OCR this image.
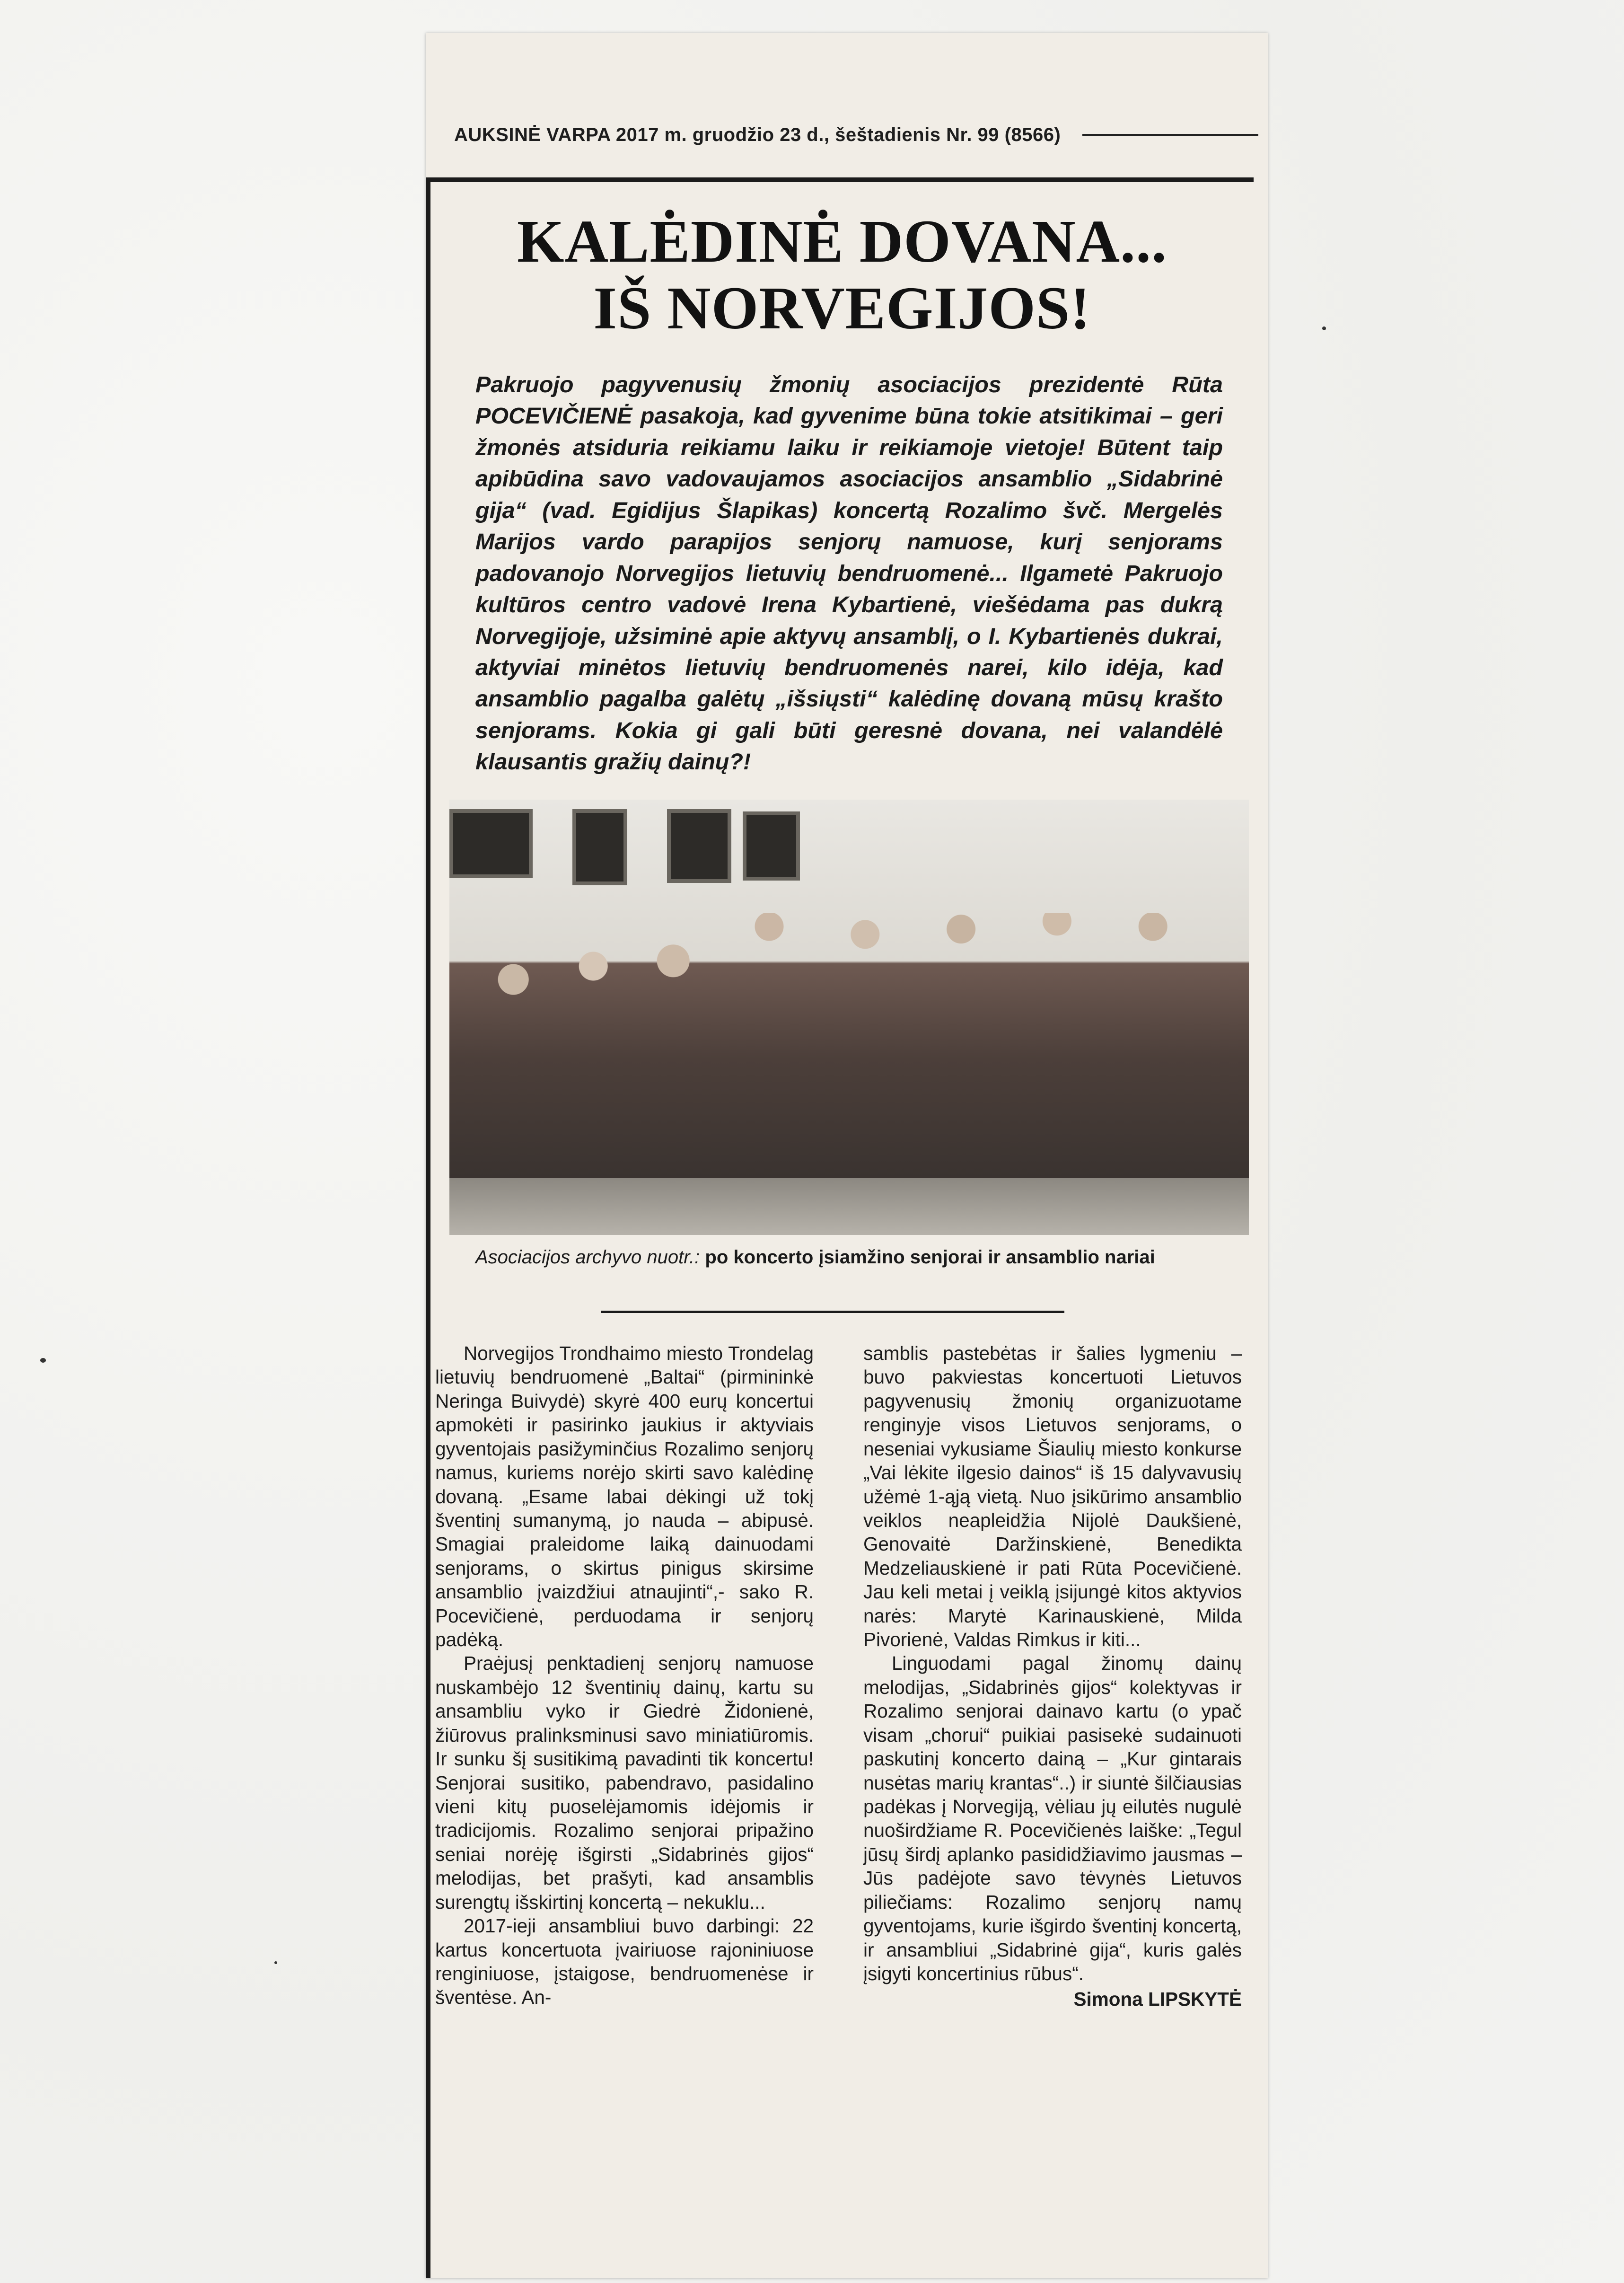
AUKSINĖ VARPA 2017 m. gruodžio 23 d., šeštadienis Nr. 99 (8566)
KALĖDINĖ DOVANA...
IŠ NORVEGIJOS!
Pakruojo pagyvenusių žmonių asociacijos prezidentė Rūta POCEVIČIENĖ pasakoja, kad gyvenime būna tokie atsitikimai – geri žmonės atsiduria reikiamu laiku ir reikiamoje vietoje! Būtent taip apibūdina savo vadovaujamos asociacijos ansamblio „Sidabrinė gija“ (vad. Egidijus Šlapikas) koncertą Rozalimo švč. Mergelės Marijos vardo parapijos senjorų namuose, kurį senjorams padovanojo Norvegijos lietuvių bendruomenė... Ilgametė Pakruojo kultūros centro vadovė Irena Kybartienė, viešėdama pas dukrą Norvegijoje, užsiminė apie aktyvų ansamblį, o I. Kybartienės dukrai, aktyviai minėtos lietuvių bendruomenės narei, kilo idėja, kad ansamblio pagalba galėtų „išsiųsti“ kalėdinę dovaną mūsų krašto senjorams. Kokia gi gali būti geresnė dovana, nei valandėlė klausantis gražių dainų?!
Asociacijos archyvo nuotr.: po koncerto įsiamžino senjorai ir ansamblio nariai

Norvegijos Trondhaimo miesto Trondelag lietuvių bendruomenė „Baltai“ (pirmininkė Neringa Buivydė) skyrė 400 eurų koncertui apmokėti ir pasirinko jaukius ir aktyviais gyventojais pasižyminčius Rozalimo senjorų namus, kuriems norėjo skirti savo kalėdinę dovaną. „Esame labai dėkingi už tokį šventinį sumanymą, jo nauda – abipusė. Smagiai praleidome laiką dainuodami senjorams, o skirtus pinigus skirsime ansamblio įvaizdžiui atnaujinti“,- sako R. Pocevičienė, perduodama ir senjorų padėką.

Praėjusį penktadienį senjorų namuose nuskambėjo 12 šventinių dainų, kartu su ansambliu vyko ir Giedrė Židonienė, žiūrovus pralinksminusi savo miniatiūromis. Ir sunku šį susitikimą pavadinti tik koncertu! Senjorai susitiko, pabendravo, pasidalino vieni kitų puoselėjamomis idėjomis ir tradicijomis. Rozalimo senjorai pripažino seniai norėję išgirsti „Sidabrinės gijos“ melodijas, bet prašyti, kad ansamblis surengtų išskirtinį koncertą – nekuklu...

2017-ieji ansambliui buvo darbingi: 22 kartus koncertuota įvairiuose rajoniniuose renginiuose, įstaigose, bendruomenėse ir šventėse. An-

samblis pastebėtas ir šalies lygmeniu – buvo pakviestas koncertuoti Lietuvos pagyvenusių žmonių organizuotame renginyje visos Lietuvos senjorams, o neseniai vykusiame Šiaulių miesto konkurse „Vai lėkite ilgesio dainos“ iš 15 dalyvavusių užėmė 1-ąją vietą. Nuo įsikūrimo ansamblio veiklos neapleidžia Nijolė Daukšienė, Genovaitė Daržinskienė, Benedikta Medzeliauskienė ir pati Rūta Pocevičienė. Jau keli metai į veiklą įsijungė kitos aktyvios narės: Marytė Karinauskienė, Milda Pivorienė, Valdas Rimkus ir kiti...

Linguodami pagal žinomų dainų melodijas, „Sidabrinės gijos“ kolektyvas ir Rozalimo senjorai dainavo kartu (o ypač visam „chorui“ puikiai pasisekė sudainuoti paskutinį koncerto dainą – „Kur gintarais nusėtas marių krantas“..) ir siuntė šilčiausias padėkas į Norvegiją, vėliau jų eilutės nugulė nuoširdžiame R. Pocevičienės laiške: „Tegul jūsų širdį aplanko pasididžiavimo jausmas – Jūs padėjote savo tėvynės Lietuvos piliečiams: Rozalimo senjorų namų gyventojams, kurie išgirdo šventinį koncertą, ir ansambliui „Sidabrinė gija“, kuris galės įsigyti koncertinius rūbus“.

Simona LIPSKYTĖ
